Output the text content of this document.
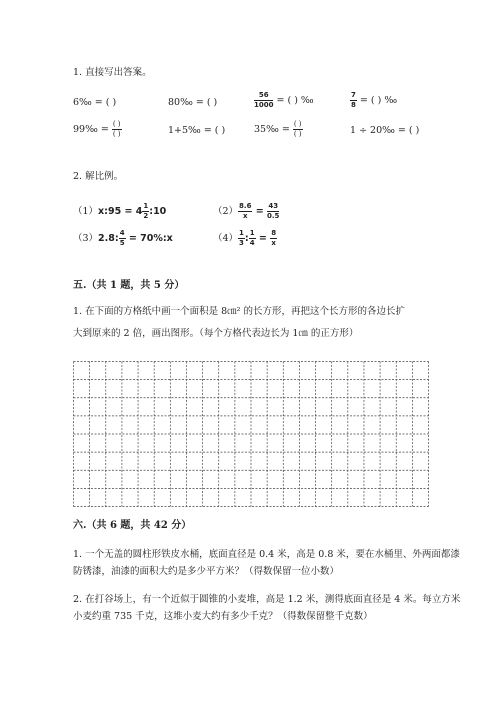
1. 直接写出答案。
6‰ = ( )	80‰ = ( )	$\frac{56}{1000}$ = ( ) ‰	$\frac{7}{8}$ = ( ) ‰
99‰ = $\frac{( )}{( )}$	1+5‰ = ( )	35‰ = $\frac{( )}{( )}$	1 ÷ 20‰ = ( )
2. 解比例。
（1）x:95 = $4 \frac{1}{2}$ :10	$(2) \frac{8.6}{x} = \frac{43}{0.5}$
（3）2.8: $\frac{4}{5}$ = 70%:x	$(4) \frac{1}{3}$ : $\frac{1}{4} = \frac{8}{x}$
五.（共 1 题，共 5 分）
1. 在下面的方格纸中画一个面积是 8㎝² 的长方形，再把这个长方形的各边长扩
大到原来的 2 倍，画出图形。（每个方格代表边长为 1㎝ 的正方形）
六.（共 6 题，共 42 分）
1. 一个无盖的圆柱形铁皮水桶，底面直径是 0.4 米，高是 0.8 米，要在水桶里、外两面都漆防锈漆，油漆的面积大约是多少平方米？（得数保留一位小数）
2. 在打谷场上，有一个近似于圆锥的小麦堆，高是 1.2 米，测得底面直径是 4 米。每立方米小麦约重 735 千克，这堆小麦大约有多少千克？（得数保留整千克数）
